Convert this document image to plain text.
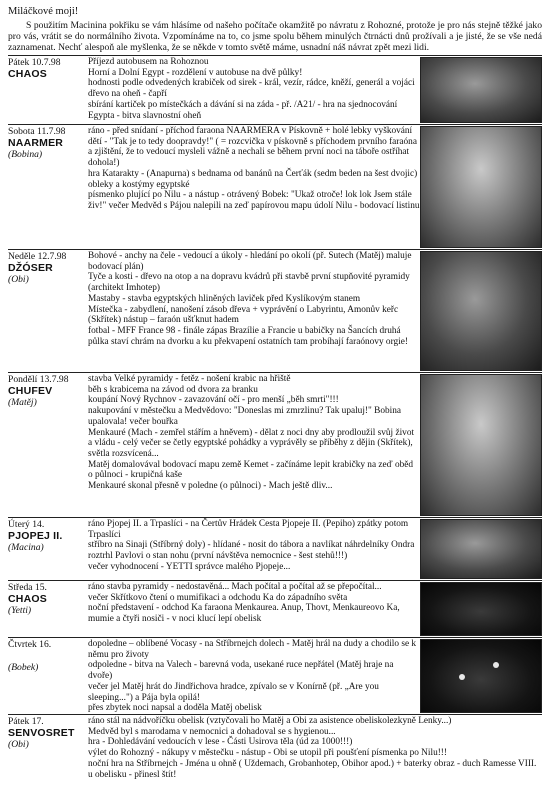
Miláčkové moji!
S použitím Macinina pokřiku se vám hlásíme od našeho počítače okamžitě po návratu z Rohozné, protože je pro nás stejně těžké jako pro vás, vrátit se do normálního života. Vzpomínáme na to, co jsme spolu během minulých čtrnácti dnů prožívali a je jisté, že se vše nedá zaznamenat. Nechť alespoň ale myšlenka, že se někde v tomto světě máme, usnadní náš návrat zpět mezi lidi.
Pátek 10.7.98
CHAOS

Příjezd autobusem na Rohoznou

Horní a Dolní Egypt - rozdělení v autobuse na dvě půlky!

hodnosti podle odvedených krabiček od sirek - král, vezír, rádce, kněží, generál a vojáci dřevo na oheň - čapří

sbírání kartiček po místečkách a dávání si na záda - př. /A21/ - hra na sjednocování Egypta - bitva slavnostní oheň

Sobota 11.7.98
NAARMER
(Bobina)

ráno - před snídaní - příchod faraona NAARMERA v Pískovně + holé lebky vyškování dětí - "Tak je to tedy doopravdy!" ( = rozcvička v pískovně s příchodem prvního faraóna a zjištění, že to vedoucí mysleli vážně a nechali se během první noci na táboře ostříhat dohola!)

hra Katarakty - (Anapurna) s bednama od banánů na Čerťák (sedm beden na šest dvojic) obleky a kostýmy egyptské

písmenko plující po Nilu - a nástup - otrávený Bobek: "Ukaž otroče! lok lok Jsem stále živ!" večer Medvěd s Pájou nalepili na zeď papírovou mapu údolí Nilu - bodovací listinu

Neděle 12.7.98
DŽÓSER
(Obi)

Bohové - anchy na čele - vedoucí a úkoly - hledání po okolí (př. Sutech (Matěj) maluje bodovací plán)

Tyče a kosti - dřevo na otop a na dopravu kvádrů při stavbě první stupňovité pyramidy (architekt Imhotep)

Mastaby - stavba egyptských hliněných laviček před Kyslíkovým stanem

Místečka - zabydlení, nanošení zásob dřeva + vyprávění o Labyrintu, Amonův keřc (Skřítek) nástup – faraón ušťknut hadem

fotbal - MFF France 98 - finále zápas Brazílie a Francie u babičky na Šancích druhá půlka staví chrám na dvorku a ku překvapení ostatních tam probíhají faraónovy orgie!

Pondělí 13.7.98
CHUFEV
(Matěj)

stavba Velké pyramidy - fetěz - nošení krabic na hřiště

běh s krabicema na závod od dvora za branku

koupání Nový Rychnov - zavazování očí - pro menší „běh smrti"!!!

nakupování v městečku a Medvědovo: "Doneslas mi zmrzlinu? Tak upaluj!" Bobina upalovala! večer bouřka

Menkauré (Mach - zemřel stářím a hněvem) - dělat z noci dny aby prodloužil svůj život a vládu - celý večer se četly egyptské pohádky a vyprávěly se příběhy z dějin (Skřítek), světla rozsvícená...

Matěj domalovával bodovací mapu země Kemet - začínáme lepit krabičky na zeď oběd o půlnoci - krupičná kaše

Menkauré skonal přesně v poledne (o půlnoci) - Mach ještě dliv...

Úterý 14.
PJOPEJ II.
(Macina)

ráno Pjopej II. a Trpaslíci - na Čertův Hrádek Cesta Pjopeje II. (Pepiho) zpátky potom Trpaslíci

stříbro na Sinaji (Stříbrný doly) - hlídané - nosit do tábora a navlíkat náhrdelníky Ondra roztrhl Pavlovi o stan nohu (první návštěva nemocnice - šest stehů!!!)

večer vyhodnocení - YETTI správce malého Pjopeje...

Středa 15.
CHAOS
(Yetti)

ráno stavba pyramidy - nedostavěná... Mach počítal a počítal až se přepočítal...

večer Skřítkovo čtení o mumifikaci a odchodu Ka do západního světa

noční představení - odchod Ka faraona Menkaurea. Anup, Thovt, Menkaureovo Ka, mumie a čtyři nosiči - v noci klucí lepí obelisk

Čtvrtek 16.
(Bobek)

dopoledne – oblíbené Vocasy - na Stříbrnejch dolech - Matěj hrál na dudy a chodilo se k němu pro životy

odpoledne - bitva na Valech - barevná voda, usekané ruce nepřátel (Matěj hraje na dvoře)

večer jel Matěj hrát do Jindřichova hradce, zpívalo se v Konírně (př. „Are you sleeping...") a Pája byla opilá!

přes zbytek noci napsal a doděla Matěj obelisk

Pátek 17.
SENVOSRET
(Obi)

ráno stál na nádvoříčku obelisk (vztyčovali ho Matěj a Obi za asistence obeliskolezkyně Lenky...)

Medvěd byl s marodama v nemocnici a dohadoval se s hygienou...

hra - Dohledávání vedoucích v lese - Části Usirova těla (úd za 1000!!!)

výlet do Rohozný - nákupy v městečku - nástup - Obi se utopil při poušťení písmenka po Nilu!!!

noční hra na Stříbrnejch - Jména u ohně ( Uždemach, Grobanhotep, Obihor apod.) + baterky obraz - duch Ramesse VIII. u obelisku - přinesl štít!
